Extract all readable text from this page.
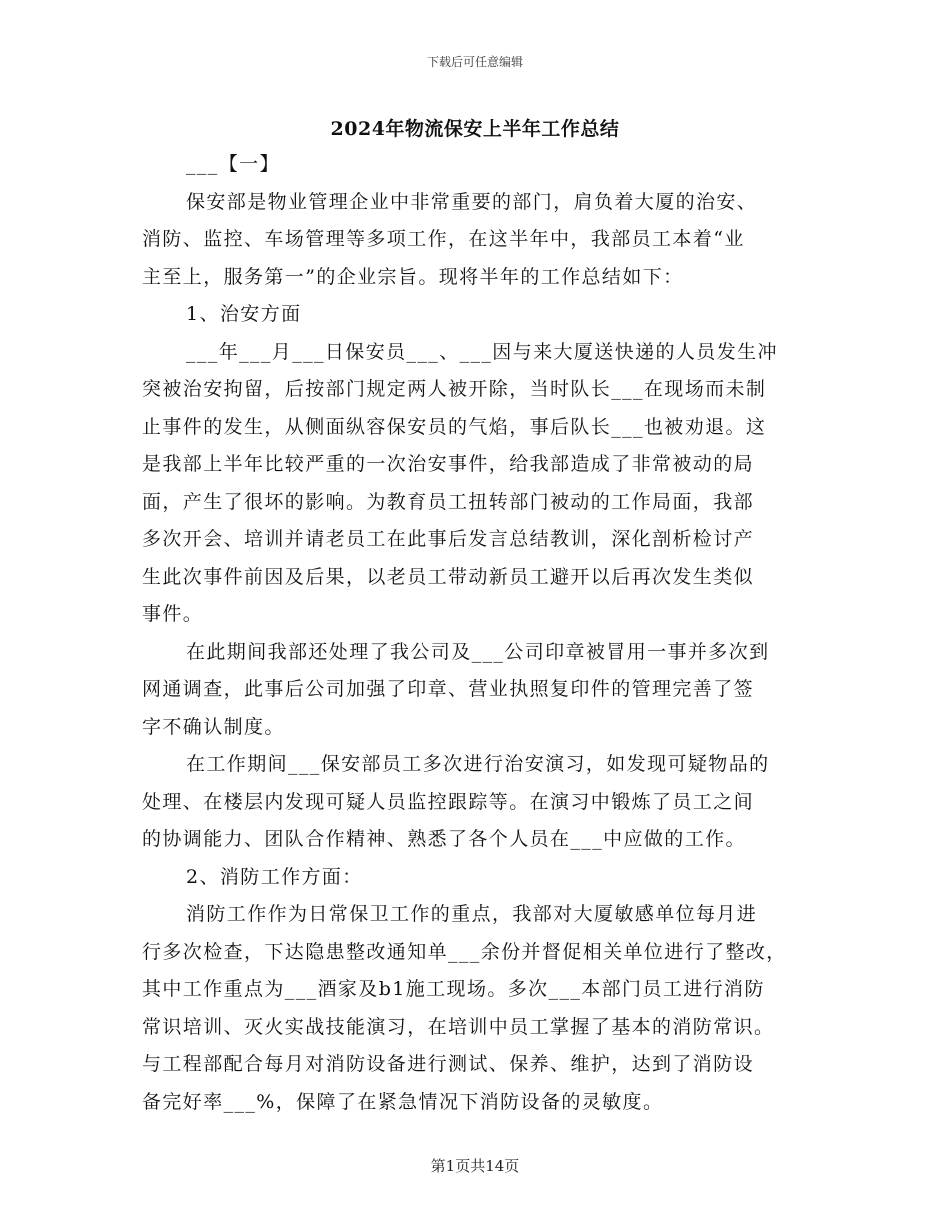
下载后可任意编辑
2024年物流保安上半年工作总结
___【一】
保安部是物业管理企业中非常重要的部门，肩负着大厦的治安、
消防、监控、车场管理等多项工作，在这半年中，我部员工本着“业
主至上，服务第一”的企业宗旨。现将半年的工作总结如下：
1、治安方面
___年___月___日保安员___、___因与来大厦送快递的人员发生冲
突被治安拘留，后按部门规定两人被开除，当时队长___在现场而未制
止事件的发生，从侧面纵容保安员的气焰，事后队长___也被劝退。这
是我部上半年比较严重的一次治安事件，给我部造成了非常被动的局
面，产生了很坏的影响。为教育员工扭转部门被动的工作局面，我部
多次开会、培训并请老员工在此事后发言总结教训，深化剖析检讨产
生此次事件前因及后果，以老员工带动新员工避开以后再次发生类似
事件。
在此期间我部还处理了我公司及___公司印章被冒用一事并多次到
网通调查，此事后公司加强了印章、营业执照复印件的管理完善了签
字不确认制度。
在工作期间___保安部员工多次进行治安演习，如发现可疑物品的
处理、在楼层内发现可疑人员监控跟踪等。在演习中锻炼了员工之间
的协调能力、团队合作精神、熟悉了各个人员在___中应做的工作。
2、消防工作方面：
消防工作作为日常保卫工作的重点，我部对大厦敏感单位每月进
行多次检查，下达隐患整改通知单___余份并督促相关单位进行了整改，
其中工作重点为___酒家及b1施工现场。多次___本部门员工进行消防
常识培训、灭火实战技能演习，在培训中员工掌握了基本的消防常识。
与工程部配合每月对消防设备进行测试、保养、维护，达到了消防设
备完好率___%，保障了在紧急情况下消防设备的灵敏度。
第1页共14页
